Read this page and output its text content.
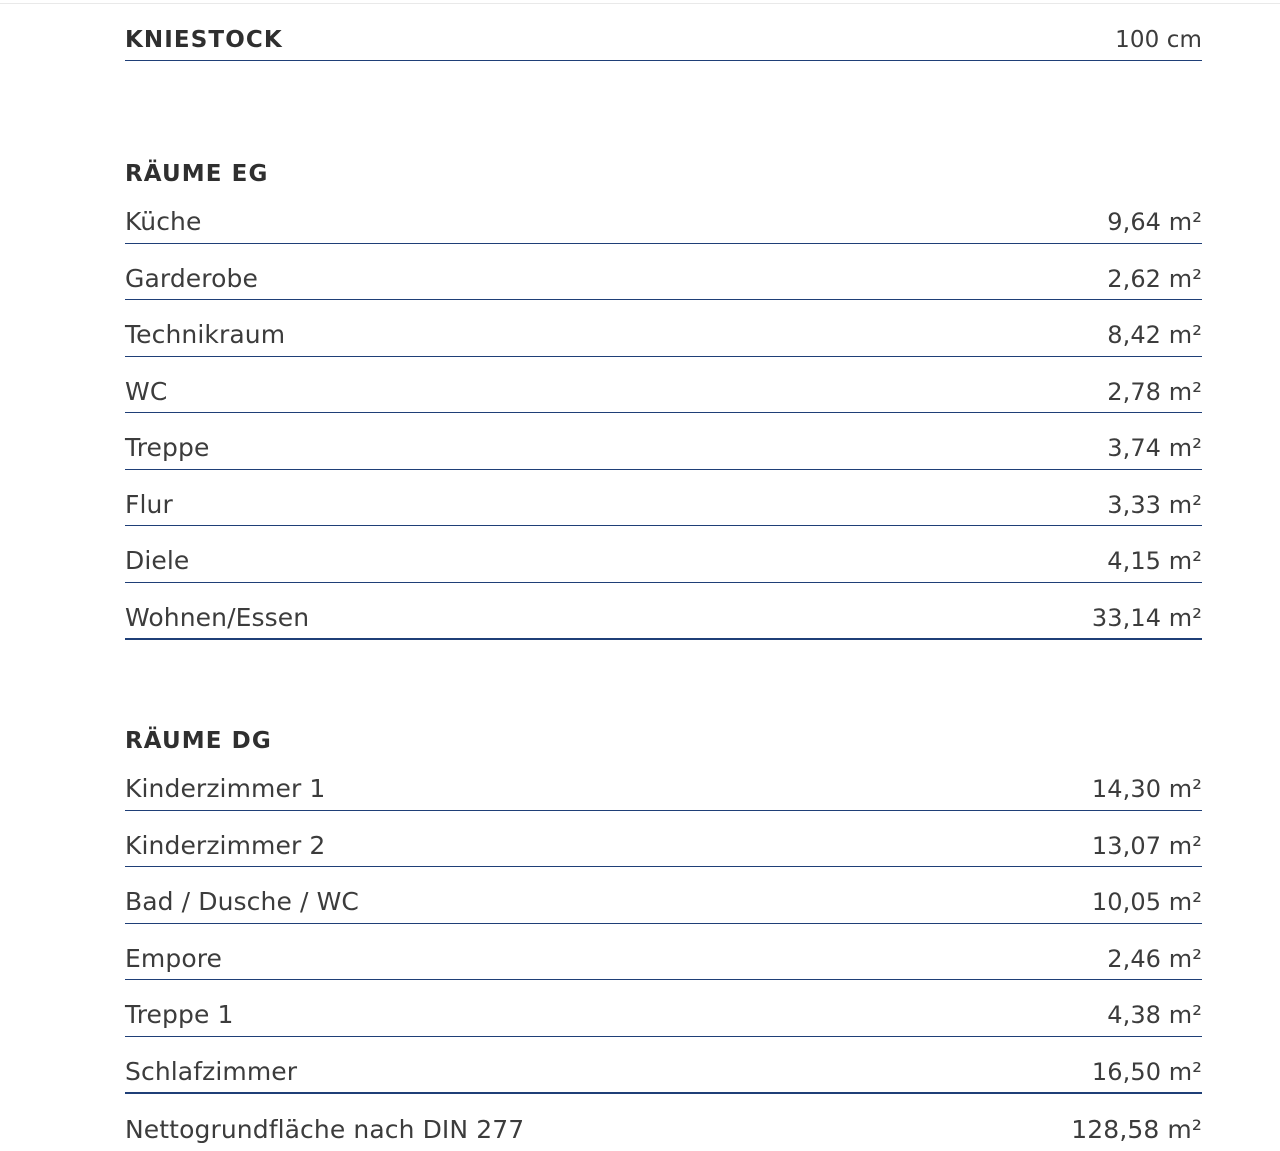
KNIESTOCK	100 cm
RÄUME EG
Küche	9,64 m²
Garderobe	2,62 m²
Technikraum	8,42 m²
WC	2,78 m²
Treppe	3,74 m²
Flur	3,33 m²
Diele	4,15 m²
Wohnen/Essen	33,14 m²
RÄUME DG
Kinderzimmer 1	14,30 m²
Kinderzimmer 2	13,07 m²
Bad / Dusche / WC	10,05 m²
Empore	2,46 m²
Treppe 1	4,38 m²
Schlafzimmer	16,50 m²
Nettogrundfläche nach DIN 277	128,58 m²
